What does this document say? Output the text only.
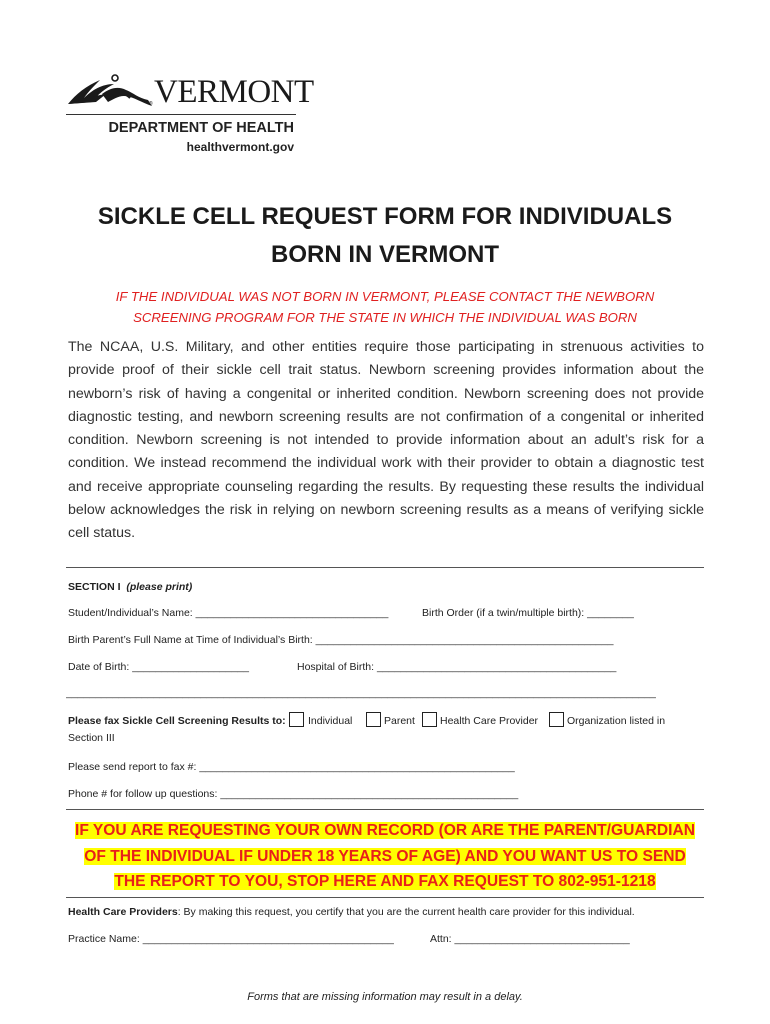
® VERMONT
DEPARTMENT OF HEALTH
healthvermont.gov
SICKLE CELL REQUEST FORM FOR INDIVIDUALS
BORN IN VERMONT
IF THE INDIVIDUAL WAS NOT BORN IN VERMONT, PLEASE CONTACT THE NEWBORN
SCREENING PROGRAM FOR THE STATE IN WHICH THE INDIVIDUAL WAS BORN

The NCAA, U.S. Military, and other entities require those participating in strenuous activities to provide proof of their sickle cell trait status. Newborn screening provides information about the newborn’s risk of having a congenital or inherited condition. Newborn screening does not provide diagnostic testing, and newborn screening results are not confirmation of a congenital or inherited condition. Newborn screening is not intended to provide information about an adult’s risk for a condition. We instead recommend the individual work with their provider to obtain a diagnostic test and receive appropriate counseling regarding the results. By requesting these results the individual below acknowledges the risk in relying on newborn screening results as a means of verifying sickle cell status.

SECTION I (please print)
Student/Individual’s Name: _________________________________	Birth Order (if a twin/multiple birth): ________
Birth Parent’s Full Name at Time of Individual’s Birth: ___________________________________________________
Date of Birth: ____________________	Hospital of Birth: _________________________________________
_____________________________________________________________________________________________________
Please fax Sickle Cell Screening Results to: Individual	Parent Health Care Provider	Organization listed in
Section III
Please send report to fax #: ______________________________________________________
Phone # for follow up questions: ___________________________________________________
IF YOU ARE REQUESTING YOUR OWN RECORD (OR ARE THE PARENT/GUARDIAN
OF THE INDIVIDUAL IF UNDER 18 YEARS OF AGE) AND YOU WANT US TO SEND
THE REPORT TO YOU, STOP HERE AND FAX REQUEST TO 802-951-1218
Health Care Providers: By making this request, you certify that you are the current health care provider for this individual.
Practice Name: ___________________________________________	Attn: ______________________________
Forms that are missing information may result in a delay.
